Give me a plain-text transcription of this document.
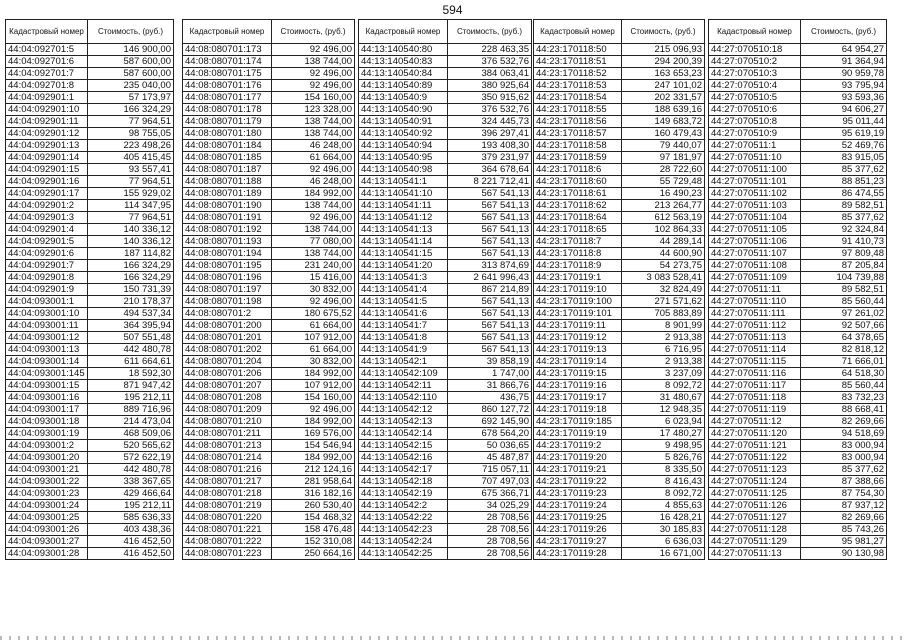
594
Кадастровый номер	Стоимость, (руб.)
44:04:092701:5	146 900,00
44:04:092701:6	587 600,00
44:04:092701:7	587 600,00
44:04:092701:8	235 040,00
44:04:092901:1	57 173,97
44:04:092901:10	166 324,29
44:04:092901:11	77 964,51
44:04:092901:12	98 755,05
44:04:092901:13	223 498,26
44:04:092901:14	405 415,45
44:04:092901:15	93 557,41
44:04:092901:16	77 964,51
44:04:092901:17	155 929,02
44:04:092901:2	114 347,95
44:04:092901:3	77 964,51
44:04:092901:4	140 336,12
44:04:092901:5	140 336,12
44:04:092901:6	187 114,82
44:04:092901:7	166 324,29
44:04:092901:8	166 324,29
44:04:092901:9	150 731,39
44:04:093001:1	210 178,37
44:04:093001:10	494 537,34
44:04:093001:11	364 395,94
44:04:093001:12	507 551,48
44:04:093001:13	442 480,78
44:04:093001:14	611 664,61
44:04:093001:145	18 592,30
44:04:093001:15	871 947,42
44:04:093001:16	195 212,11
44:04:093001:17	889 716,96
44:04:093001:18	214 473,04
44:04:093001:19	468 509,06
44:04:093001:2	520 565,62
44:04:093001:20	572 622,19
44:04:093001:21	442 480,78
44:04:093001:22	338 367,65
44:04:093001:23	429 466,64
44:04:093001:24	195 212,11
44:04:093001:25	585 636,33
44:04:093001:26	403 438,36
44:04:093001:27	416 452,50
44:04:093001:28	416 452,50
Кадастровый номер	Стоимость, (руб.)
44:08:080701:173	92 496,00
44:08:080701:174	138 744,00
44:08:080701:175	92 496,00
44:08:080701:176	92 496,00
44:08:080701:177	154 160,00
44:08:080701:178	123 328,00
44:08:080701:179	138 744,00
44:08:080701:180	138 744,00
44:08:080701:184	46 248,00
44:08:080701:185	61 664,00
44:08:080701:187	92 496,00
44:08:080701:188	46 248,00
44:08:080701:189	184 992,00
44:08:080701:190	138 744,00
44:08:080701:191	92 496,00
44:08:080701:192	138 744,00
44:08:080701:193	77 080,00
44:08:080701:194	138 744,00
44:08:080701:195	231 240,00
44:08:080701:196	15 416,00
44:08:080701:197	30 832,00
44:08:080701:198	92 496,00
44:08:080701:2	180 675,52
44:08:080701:200	61 664,00
44:08:080701:201	107 912,00
44:08:080701:202	61 664,00
44:08:080701:204	30 832,00
44:08:080701:206	184 992,00
44:08:080701:207	107 912,00
44:08:080701:208	154 160,00
44:08:080701:209	92 496,00
44:08:080701:210	184 992,00
44:08:080701:211	169 576,00
44:08:080701:213	154 546,94
44:08:080701:214	184 992,00
44:08:080701:216	212 124,16
44:08:080701:217	281 958,64
44:08:080701:218	316 182,16
44:08:080701:219	260 530,40
44:08:080701:220	154 468,32
44:08:080701:221	158 476,48
44:08:080701:222	152 310,08
44:08:080701:223	250 664,16
Кадастровый номер	Стоимость, (руб.)
44:13:140540:80	228 463,35
44:13:140540:83	376 532,76
44:13:140540:84	384 063,41
44:13:140540:89	380 925,64
44:13:140540:9	350 915,62
44:13:140540:90	376 532,76
44:13:140540:91	324 445,73
44:13:140540:92	396 297,41
44:13:140540:94	193 408,30
44:13:140540:95	379 231,97
44:13:140540:98	364 678,64
44:13:140541:1	8 221 712,41
44:13:140541:10	567 541,13
44:13:140541:11	567 541,13
44:13:140541:12	567 541,13
44:13:140541:13	567 541,13
44:13:140541:14	567 541,13
44:13:140541:15	567 541,13
44:13:140541:20	313 874,69
44:13:140541:3	2 641 996,43
44:13:140541:4	867 214,89
44:13:140541:5	567 541,13
44:13:140541:6	567 541,13
44:13:140541:7	567 541,13
44:13:140541:8	567 541,13
44:13:140541:9	567 541,13
44:13:140542:1	39 858,19
44:13:140542:109	1 747,00
44:13:140542:11	31 866,76
44:13:140542:110	436,75
44:13:140542:12	860 127,72
44:13:140542:13	692 145,90
44:13:140542:14	678 564,20
44:13:140542:15	50 036,65
44:13:140542:16	45 487,87
44:13:140542:17	715 057,11
44:13:140542:18	707 497,03
44:13:140542:19	675 366,71
44:13:140542:2	34 025,29
44:13:140542:22	28 708,56
44:13:140542:23	28 708,56
44:13:140542:24	28 708,56
44:13:140542:25	28 708,56
Кадастровый номер	Стоимость, (руб.)
44:23:170118:50	215 096,93
44:23:170118:51	294 200,39
44:23:170118:52	163 653,23
44:23:170118:53	247 101,02
44:23:170118:54	202 331,57
44:23:170118:55	188 639,16
44:23:170118:56	149 683,72
44:23:170118:57	160 479,43
44:23:170118:58	79 440,07
44:23:170118:59	97 181,97
44:23:170118:6	28 722,60
44:23:170118:60	55 729,48
44:23:170118:61	16 490,23
44:23:170118:62	213 264,77
44:23:170118:64	612 563,19
44:23:170118:65	102 864,33
44:23:170118:7	44 289,14
44:23:170118:8	44 600,90
44:23:170118:9	54 273,75
44:23:170119:1	3 083 528,41
44:23:170119:10	32 824,49
44:23:170119:100	271 571,62
44:23:170119:101	705 883,89
44:23:170119:11	8 901,99
44:23:170119:12	2 913,38
44:23:170119:13	6 716,95
44:23:170119:14	2 913,38
44:23:170119:15	3 237,09
44:23:170119:16	8 092,72
44:23:170119:17	31 480,67
44:23:170119:18	12 948,35
44:23:170119:185	6 023,94
44:23:170119:19	17 480,27
44:23:170119:2	9 498,95
44:23:170119:20	5 826,76
44:23:170119:21	8 335,50
44:23:170119:22	8 416,43
44:23:170119:23	8 092,72
44:23:170119:24	4 855,63
44:23:170119:25	16 428,21
44:23:170119:26	30 185,83
44:23:170119:27	6 636,03
44:23:170119:28	16 671,00
Кадастровый номер	Стоимость, (руб.)
44:27:070510:18	64 954,27
44:27:070510:2	91 364,94
44:27:070510:3	90 959,78
44:27:070510:4	93 795,94
44:27:070510:5	93 593,36
44:27:070510:6	94 606,27
44:27:070510:8	95 011,44
44:27:070510:9	95 619,19
44:27:070511:1	52 469,76
44:27:070511:10	83 915,05
44:27:070511:100	85 377,62
44:27:070511:101	88 851,23
44:27:070511:102	86 474,55
44:27:070511:103	89 582,51
44:27:070511:104	85 377,62
44:27:070511:105	92 324,84
44:27:070511:106	91 410,73
44:27:070511:107	97 809,48
44:27:070511:108	87 205,84
44:27:070511:109	104 739,88
44:27:070511:11	89 582,51
44:27:070511:110	85 560,44
44:27:070511:111	97 261,02
44:27:070511:112	92 507,66
44:27:070511:113	64 378,65
44:27:070511:114	82 818,12
44:27:070511:115	71 666,01
44:27:070511:116	64 518,30
44:27:070511:117	85 560,44
44:27:070511:118	83 732,23
44:27:070511:119	88 668,41
44:27:070511:12	82 269,66
44:27:070511:120	94 518,69
44:27:070511:121	83 000,94
44:27:070511:122	83 000,94
44:27:070511:123	85 377,62
44:27:070511:124	87 388,66
44:27:070511:125	87 754,30
44:27:070511:126	87 937,12
44:27:070511:127	82 269,66
44:27:070511:128	85 743,26
44:27:070511:129	95 981,27
44:27:070511:13	90 130,98
